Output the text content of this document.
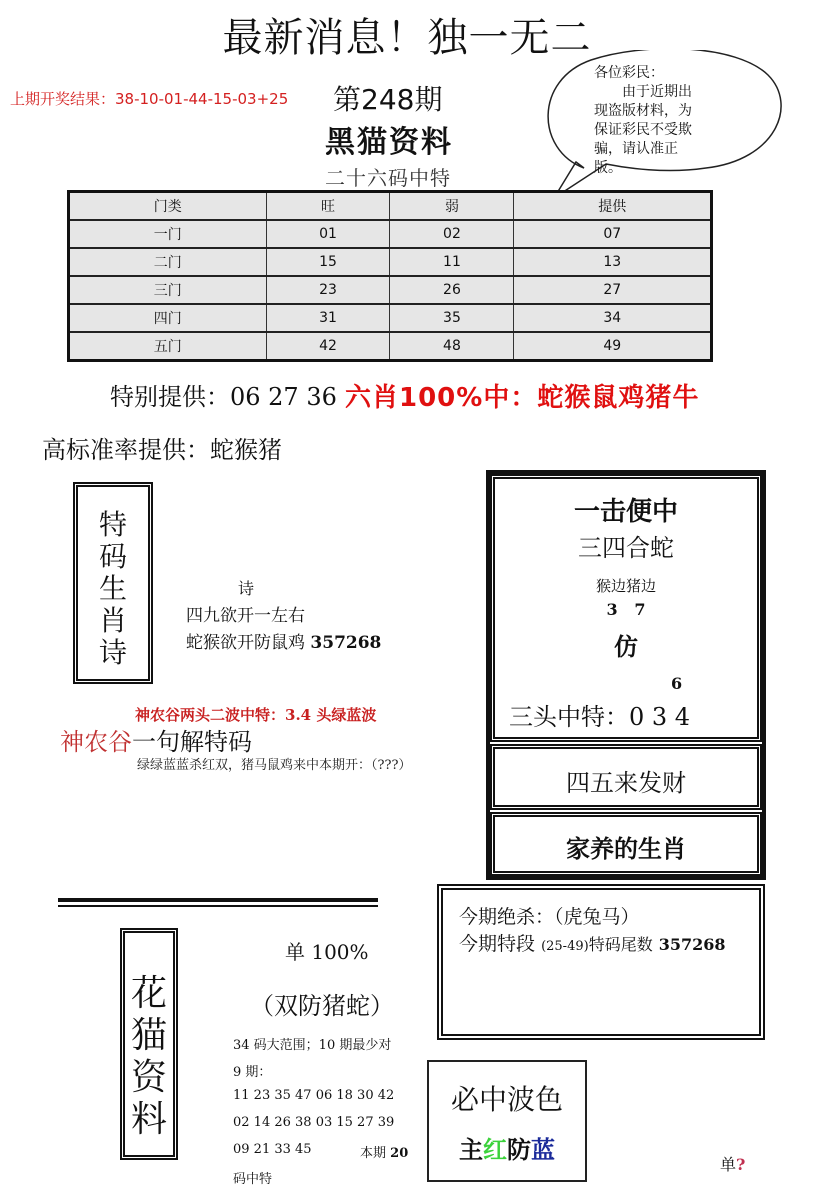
最新消息！独一无二
上期开奖结果：38-10-01-44-15-03+25 第248期
黑猫资料
二十六码中特
各位彩民：
由于近期出现盗版材料，为保证彩民不受欺骗，请认准正版。
门类	旺	弱	提供
一门	01	02	07
二门	15	11	13
三门	23	26	27
四门	31	35	34
五门	42	48	49
特别提供：06 27 36 六肖100%中：蛇猴鼠鸡猪牛
高标准率提供：蛇猴猪
特
码
生
肖
诗
诗
四九欲开一左右
蛇猴欲开防鼠鸡 357268
神农谷两头二波中特：3.4 头绿蓝波
神农谷一句解特码
绿绿蓝蓝杀红双，猪马鼠鸡来中本期开：（???）
一击便中
三四合蛇
猴边猪边
3   7
仿
6
三头中特：0 3 4
四五来发财
家养的生肖
今期绝杀：（虎兔马）
今期特段 (25-49)特码尾数 357268
花
猫
资
料
单 100%
（双防猪蛇）
34 码大范围；10 期最少对
9 期：
11 23 35 47 06 18 30 42
02 14 26 38 03 15 27 39
09 21 33 45	本期 20
码中特
必中波色
主红防蓝
单?
